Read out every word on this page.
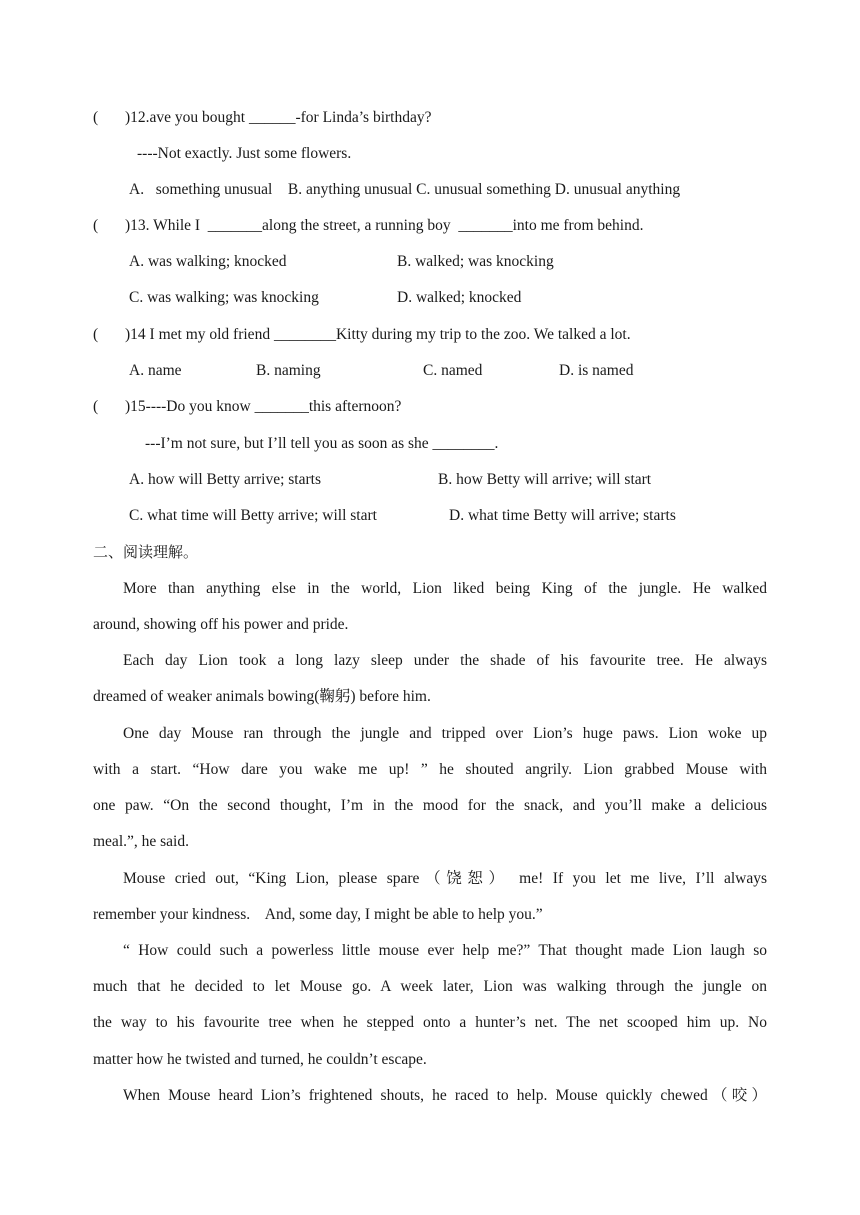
( )12.ave you bought ______-for Linda’s birthday?
----Not exactly. Just some flowers.
A.   something unusual    B. anything unusual C. unusual something D. unusual anything
( )13. While I  _______along the street, a running boy  _______into me from behind.
A. was walking; knocked	B. walked; was knocking
C. was walking; was knocking	D. walked; knocked
( )14 I met my old friend ________Kitty during my trip to the zoo. We talked a lot.
A. name	B. naming	C. named	D. is named
( )15----Do you know _______this afternoon?
---I’m not sure, but I’ll tell you as soon as she ________.
A. how will Betty arrive; starts	B. how Betty will arrive; will start
C. what time will Betty arrive; will start	D. what time Betty will arrive; starts
二、阅读理解。
More than anything else in the world, Lion liked being King of the jungle. He walked
around, showing off his power and pride.
Each day Lion took a long lazy sleep under the shade of his favourite tree. He always
dreamed of weaker animals bowing(鞠躬) before him.
One day Mouse ran through the jungle and tripped over Lion’s huge paws. Lion woke up
with a start. “How dare you wake me up! ” he shouted angrily. Lion grabbed Mouse with
one paw. “On the second thought, I’m in the mood for the snack, and you’ll make a delicious
meal.”, he said.
Mouse cried out, “King Lion, please spare（饶恕） me! If you let me live, I’ll always
remember your kindness.    And, some day, I might be able to help you.”
“ How could such a powerless little mouse ever help me?” That thought made Lion laugh so
much that he decided to let Mouse go. A week later, Lion was walking through the jungle on
the way to his favourite tree when he stepped onto a hunter’s net. The net scooped him up. No
matter how he twisted and turned, he couldn’t escape.
When Mouse heard Lion’s frightened shouts, he raced to help. Mouse quickly chewed（咬）
